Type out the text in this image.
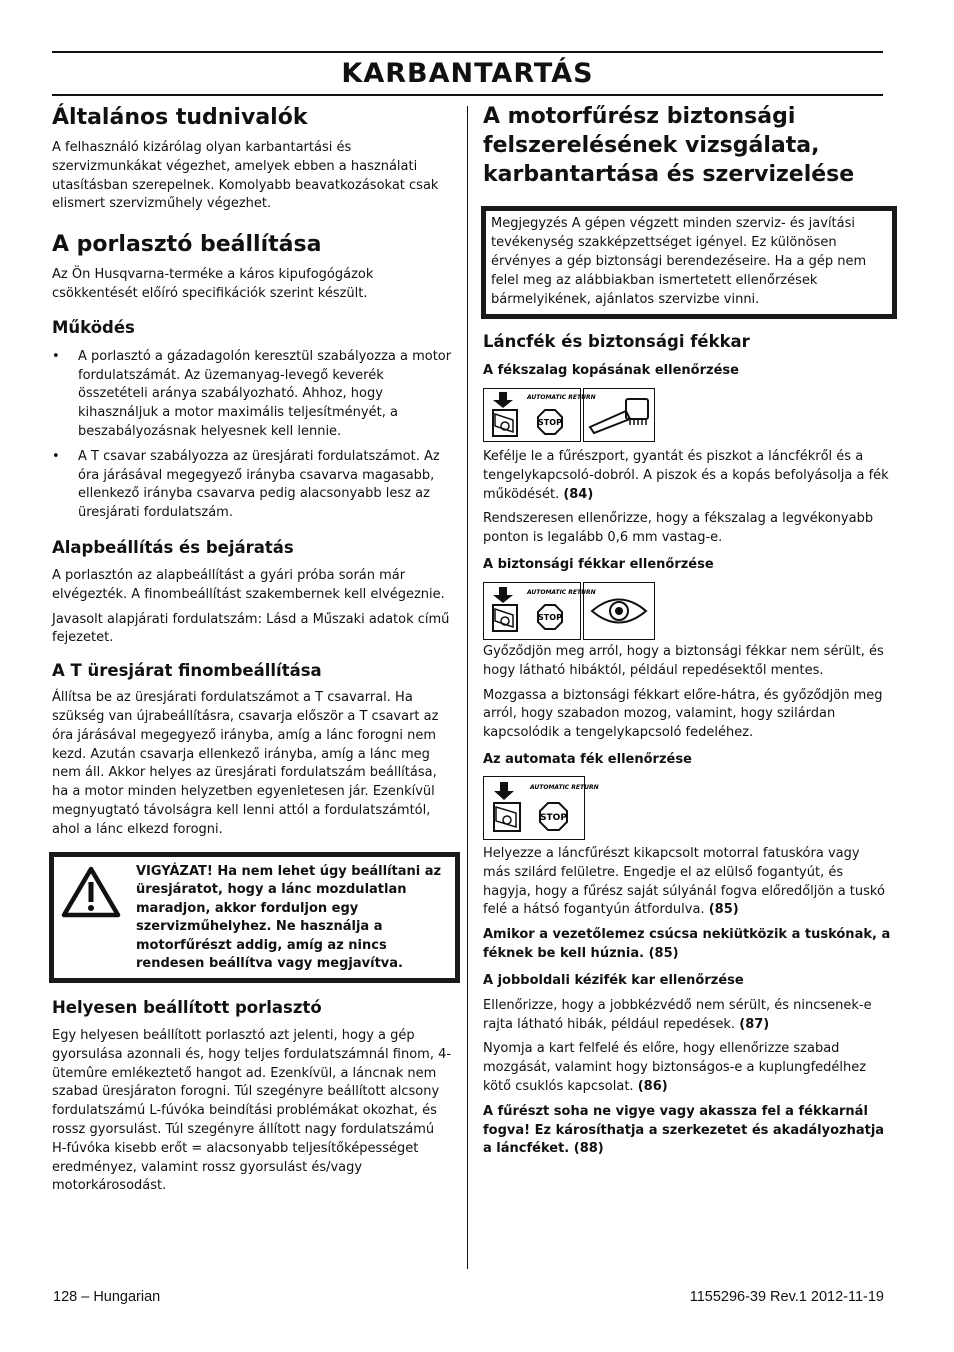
KARBANTARTÁS
Általános tudnivalók

A felhasználó kizárólag olyan karbantartási és szervizmunkákat végezhet, amelyek ebben a használati utasításban szerepelnek. Komolyabb beavatkozásokat csak elismert szervizműhely végezhet.

A porlasztó beállítása

Az Ön Husqvarna-terméke a káros kipufogógázok csökkentését előíró specifikációk szerint készült.

Működés
• A porlasztó a gázadagolón keresztül szabályozza a motor fordulatszámát. Az üzemanyag-levegő keverék összetételi aránya szabályozható. Ahhoz, hogy kihasználjuk a motor maximális teljesítményét, a beszabályozásnak helyesnek kell lennie.
• A T csavar szabályozza az üresjárati fordulatszámot. Az óra járásával megegyező irányba csavarva magasabb, ellenkező irányba csavarva pedig alacsonyabb lesz az üresjárati fordulatszám.
Alapbeállítás és bejáratás

A porlasztón az alapbeállítást a gyári próba során már elvégezték. A finombeállítást szakembernek kell elvégeznie.

Javasolt alapjárati fordulatszám: Lásd a Műszaki adatok című fejezetet.

A T üresjárat finombeállítása

Állítsa be az üresjárati fordulatszámot a T csavarral. Ha szükség van újrabeállításra, csavarja először a T csavart az óra járásával megegyező irányba, amíg a lánc forogni nem kezd. Azután csavarja ellenkező irányba, amíg a lánc meg nem áll. Akkor helyes az üresjárati fordulatszám beállítása, ha a motor minden helyzetben egyenletesen jár. Ezenkívül megnyugtató távolságra kell lenni attól a fordulatszámtól, ahol a lánc elkezd forogni.

VIGYÁZAT! Ha nem lehet úgy beállítani az üresjáratot, hogy a lánc mozdulatlan maradjon, akkor forduljon egy szervizműhelyhez. Ne használja a motorfűrészt addig, amíg az nincs rendesen beállítva vagy megjavítva.
Helyesen beállított porlasztó

Egy helyesen beállított porlasztó azt jelenti, hogy a gép gyorsulása azonnali és, hogy teljes fordulatszámnál finom, 4-ütemûre emlékeztető hangot ad. Ezenkívül, a láncnak nem szabad üresjáraton forogni. Túl szegényre beállított alcsony fordulatszámú L-fúvóka beindítási problémákat okozhat, és rossz gyorsulást. Túl szegényre állított nagy fordulatszámú H-fúvóka kisebb erőt = alacsonyabb teljesítőképességet eredményez, valamint rossz gyorsulást és/vagy motorkárosodást.

A motorfűrész biztonsági felszerelésének vizsgálata, karbantartása és szervizelése

Megjegyzés A gépen végzett minden szerviz- és javítási tevékenység szakképzettséget igényel. Ez különösen érvényes a gép biztonsági berendezéseire. Ha a gép nem felel meg az alábbiakban ismertetett ellenőrzések bármelyikének, ajánlatos szervizbe vinni.

Láncfék és biztonsági fékkar
A fékszalag kopásának ellenőrzése
AUTOMATIC RETURN
STOP

Kefélje le a fűrészport, gyantát és piszkot a láncfékről és a tengelykapcsoló-dobról. A piszok és a kopás befolyásolja a fék működését. (84)

Rendszeresen ellenőrizze, hogy a fékszalag a legvékonyabb ponton is legalább 0,6 mm vastag-e.

A biztonsági fékkar ellenőrzése
AUTOMATIC RETURN
STOP

Győződjön meg arról, hogy a biztonsági fékkar nem sérült, és hogy látható hibáktól, például repedésektől mentes.

Mozgassa a biztonsági fékkart előre-hátra, és győződjön meg arról, hogy szabadon mozog, valamint, hogy szilárdan kapcsolódik a tengelykapcsoló fedeléhez.

Az automata fék ellenőrzése
AUTOMATIC RETURN
STOP

Helyezze a láncfűrészt kikapcsolt motorral fatuskóra vagy más szilárd felületre. Engedje el az elülső fogantyút, és hagyja, hogy a fűrész saját súlyánál fogva előredőljön a tuskó felé a hátsó fogantyún átfordulva. (85)

Amikor a vezetőlemez csúcsa nekiütközik a tuskónak, a féknek be kell húznia. (85)

A jobboldali kézifék kar ellenőrzése

Ellenőrizze, hogy a jobbkézvédő nem sérült, és nincsenek-e rajta látható hibák, például repedések. (87)

Nyomja a kart felfelé és előre, hogy ellenőrizze szabad mozgását, valamint hogy biztonságos-e a kuplungfedélhez kötő csuklós kapcsolat. (86)

A fűrészt soha ne vigye vagy akassza fel a fékkarnál fogva! Ez károsíthatja a szerkezetet és akadályozhatja a láncféket. (88)

128 – Hungarian	1155296-39 Rev.1 2012-11-19
